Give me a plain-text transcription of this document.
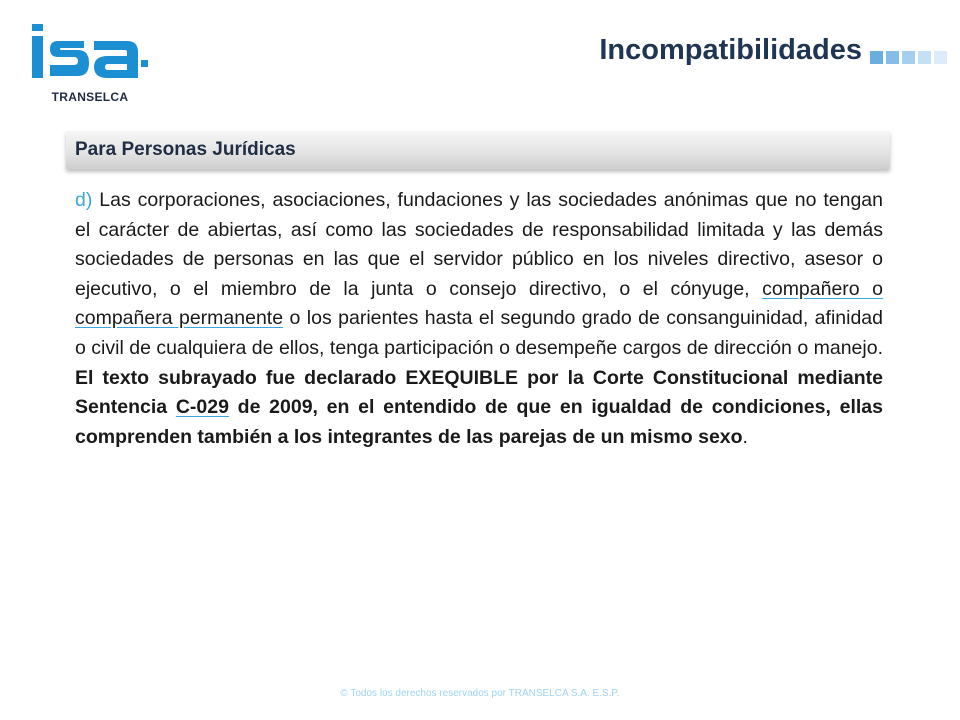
TRANSELCA
Incompatibilidades
Para Personas Jurídicas

d) Las corporaciones, asociaciones, fundaciones y las sociedades anónimas que no tengan el carácter de abiertas, así como las sociedades de responsabilidad limitada y las demás sociedades de personas en las que el servidor público en los niveles directivo, asesor o ejecutivo, o el miembro de la junta o consejo directivo, o el cónyuge, compañero o compañera permanente o los parientes hasta el segundo grado de consanguinidad, afinidad o civil de cualquiera de ellos, tenga participación o desempeñe cargos de dirección o manejo. El texto subrayado fue declarado EXEQUIBLE por la Corte Constitucional mediante Sentencia C-029 de 2009, en el entendido de que en igualdad de condiciones, ellas comprenden también a los integrantes de las parejas de un mismo sexo.

© Todos los derechos reservados por TRANSELCA S.A. E.S.P.
